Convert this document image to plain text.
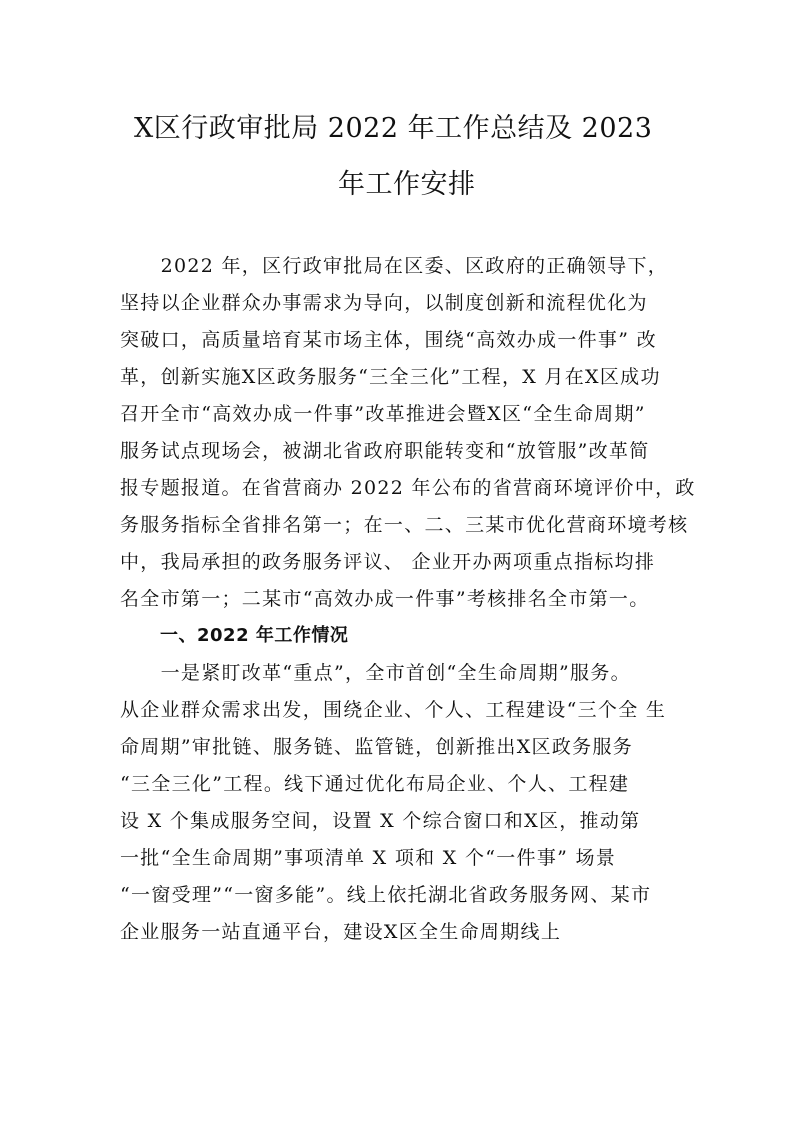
X区行政审批局 2022 年工作总结及 2023
年工作安排
　　2022 年，区行政审批局在区委、区政府的正确领导下，
坚持以企业群众办事需求为导向，以制度创新和流程优化为
突破口，高质量培育某市场主体，围绕“高效办成一件事” 改
革，创新实施X区政务服务“三全三化”工程，X 月在X区成功
召开全市“高效办成一件事”改革推进会暨X区“全生命周期”
服务试点现场会，被湖北省政府职能转变和“放管服”改革简
报专题报道。在省营商办 2022 年公布的省营商环境评价中，政
务服务指标全省排名第一；在一、二、三某市优化营商环境考核
中，我局承担的政务服务评议、 企业开办两项重点指标均排
名全市第一；二某市“高效办成一件事”考核排名全市第一。
一、2022 年工作情况
　　一是紧盯改革“重点”，全市首创“全生命周期”服务。
从企业群众需求出发，围绕企业、个人、工程建设“三个全 生
命周期”审批链、服务链、监管链，创新推出X区政务服务
“三全三化”工程。线下通过优化布局企业、个人、工程建
设 X 个集成服务空间，设置 X 个综合窗口和X区，推动第
一批“全生命周期”事项清单 X 项和 X 个“一件事” 场景
“一窗受理”“一窗多能”。线上依托湖北省政务服务网、某市
企业服务一站直通平台，建设X区全生命周期线上
